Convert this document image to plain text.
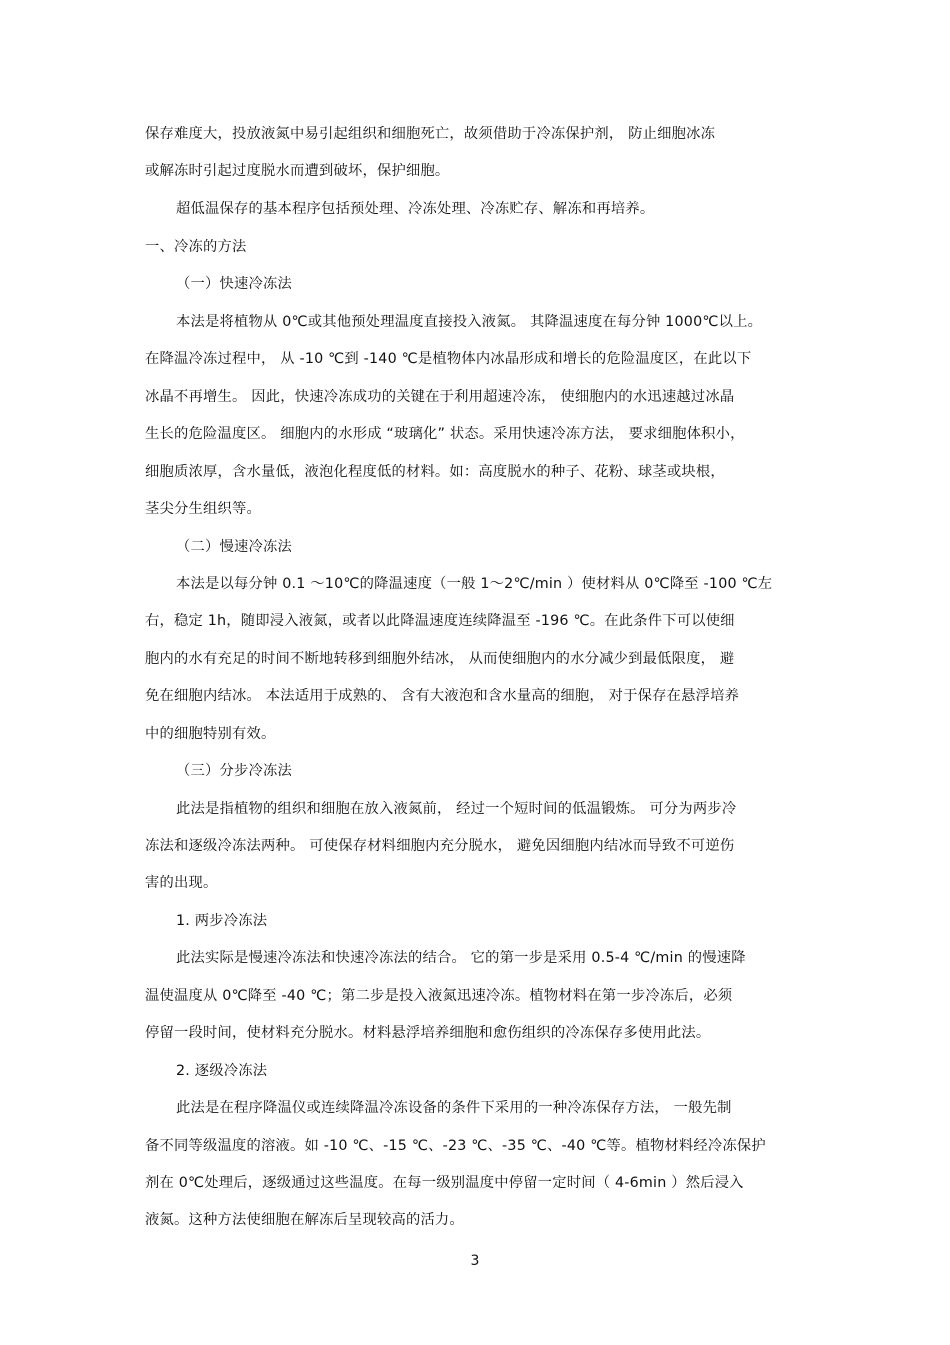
保存难度大，投放液氮中易引起组织和细胞死亡，故须借助于冷冻保护剂， 防止细胞冰冻
或解冻时引起过度脱水而遭到破坏，保护细胞。
超低温保存的基本程序包括预处理、冷冻处理、冷冻贮存、解冻和再培养。
一、冷冻的方法
（一）快速冷冻法
本法是将植物从 0℃或其他预处理温度直接投入液氮。 其降温速度在每分钟 1000℃以上。
在降温冷冻过程中， 从 -10 ℃到 -140 ℃是植物体内冰晶形成和增长的危险温度区，在此以下
冰晶不再增生。 因此，快速冷冻成功的关键在于利用超速冷冻， 使细胞内的水迅速越过冰晶
生长的危险温度区。 细胞内的水形成 “玻璃化” 状态。采用快速冷冻方法， 要求细胞体积小，
细胞质浓厚，含水量低，液泡化程度低的材料。如：高度脱水的种子、花粉、球茎或块根，
茎尖分生组织等。
（二）慢速冷冻法
本法是以每分钟 0.1 ～10℃的降温速度（一般 1～2℃/min ）使材料从 0℃降至 -100 ℃左
右，稳定 1h，随即浸入液氮，或者以此降温速度连续降温至 -196 ℃。在此条件下可以使细
胞内的水有充足的时间不断地转移到细胞外结冰， 从而使细胞内的水分减少到最低限度， 避
免在细胞内结冰。 本法适用于成熟的、 含有大液泡和含水量高的细胞， 对于保存在悬浮培养
中的细胞特别有效。
（三）分步冷冻法
此法是指植物的组织和细胞在放入液氮前， 经过一个短时间的低温锻炼。 可分为两步冷
冻法和逐级冷冻法两种。 可使保存材料细胞内充分脱水， 避免因细胞内结冰而导致不可逆伤
害的出现。
1. 两步冷冻法
此法实际是慢速冷冻法和快速冷冻法的结合。 它的第一步是采用 0.5-4 ℃/min 的慢速降
温使温度从 0℃降至 -40 ℃；第二步是投入液氮迅速冷冻。植物材料在第一步冷冻后，必须
停留一段时间，使材料充分脱水。材料悬浮培养细胞和愈伤组织的冷冻保存多使用此法。
2. 逐级冷冻法
此法是在程序降温仪或连续降温冷冻设备的条件下采用的一种冷冻保存方法， 一般先制
备不同等级温度的溶液。如 -10 ℃、-15 ℃、-23 ℃、-35 ℃、-40 ℃等。植物材料经冷冻保护
剂在 0℃处理后，逐级通过这些温度。在每一级别温度中停留一定时间（ 4-6min ）然后浸入
液氮。这种方法使细胞在解冻后呈现较高的活力。
3
